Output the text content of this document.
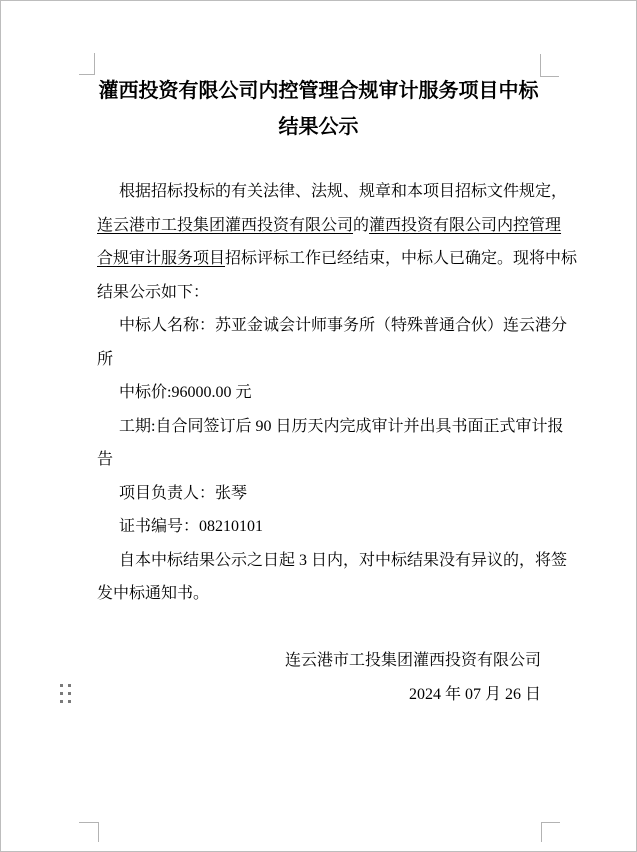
灌西投资有限公司内控管理合规审计服务项目中标
结果公示
根据招标投标的有关法律、法规、规章和本项目招标文件规定，
连云港市工投集团灌西投资有限公司的灌西投资有限公司内控管理
合规审计服务项目招标评标工作已经结束，中标人已确定。现将中标
结果公示如下：
中标人名称：苏亚金诚会计师事务所（特殊普通合伙）连云港分
所
中标价:96000.00 元
工期:自合同签订后 90 日历天内完成审计并出具书面正式审计报
告
项目负责人：张琴
证书编号：08210101
自本中标结果公示之日起 3 日内，对中标结果没有异议的，将签
发中标通知书。
连云港市工投集团灌西投资有限公司
2024 年 07 月 26 日
